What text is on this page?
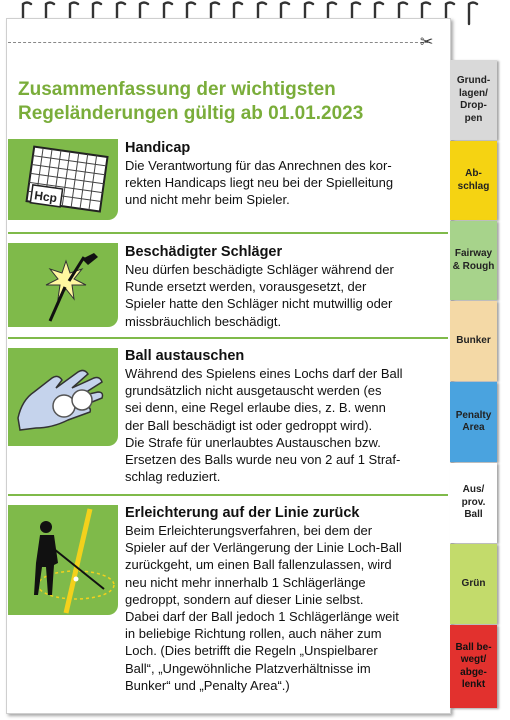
✂
Zusammenfassung der wichtigsten
Regeländerungen gültig ab 01.01.2023
Hcp
Handicap
Die Verantwortung für das Anrechnen des kor-
rekten Handicaps liegt neu bei der Spielleitung
und nicht mehr beim Spieler.
Beschädigter Schläger
Neu dürfen beschädigte Schläger während der
Runde ersetzt werden, vorausgesetzt, der
Spieler hatte den Schläger nicht mutwillig oder
missbräuchlich beschädigt.
Ball austauschen
Während des Spielens eines Lochs darf der Ball
grundsätzlich nicht ausgetauscht werden (es
sei denn, eine Regel erlaube dies, z. B. wenn
der Ball beschädigt ist oder gedroppt wird).
Die Strafe für unerlaubtes Austauschen bzw.
Ersetzen des Balls wurde neu von 2 auf 1 Straf-
schlag reduziert.
Erleichterung auf der Linie zurück
Beim Erleichterungsverfahren, bei dem der
Spieler auf der Verlängerung der Linie Loch-Ball
zurückgeht, um einen Ball fallenzulassen, wird
neu nicht mehr innerhalb 1 Schlägerlänge
gedroppt, sondern auf dieser Linie selbst.
Dabei darf der Ball jedoch 1 Schlägerlänge weit
in beliebige Richtung rollen, auch näher zum
Loch. (Dies betrifft die Regeln „Unspielbarer
Ball“, „Ungewöhnliche Platzverhältnisse im
Bunker“ und „Penalty Area“.)
Grund-
lagen/
Drop-
pen
Ab-
schlag
Fairway
& Rough
Bunker
Penalty
Area
Aus/
prov.
Ball
Grün
Ball be-
wegt/
abge-
lenkt
